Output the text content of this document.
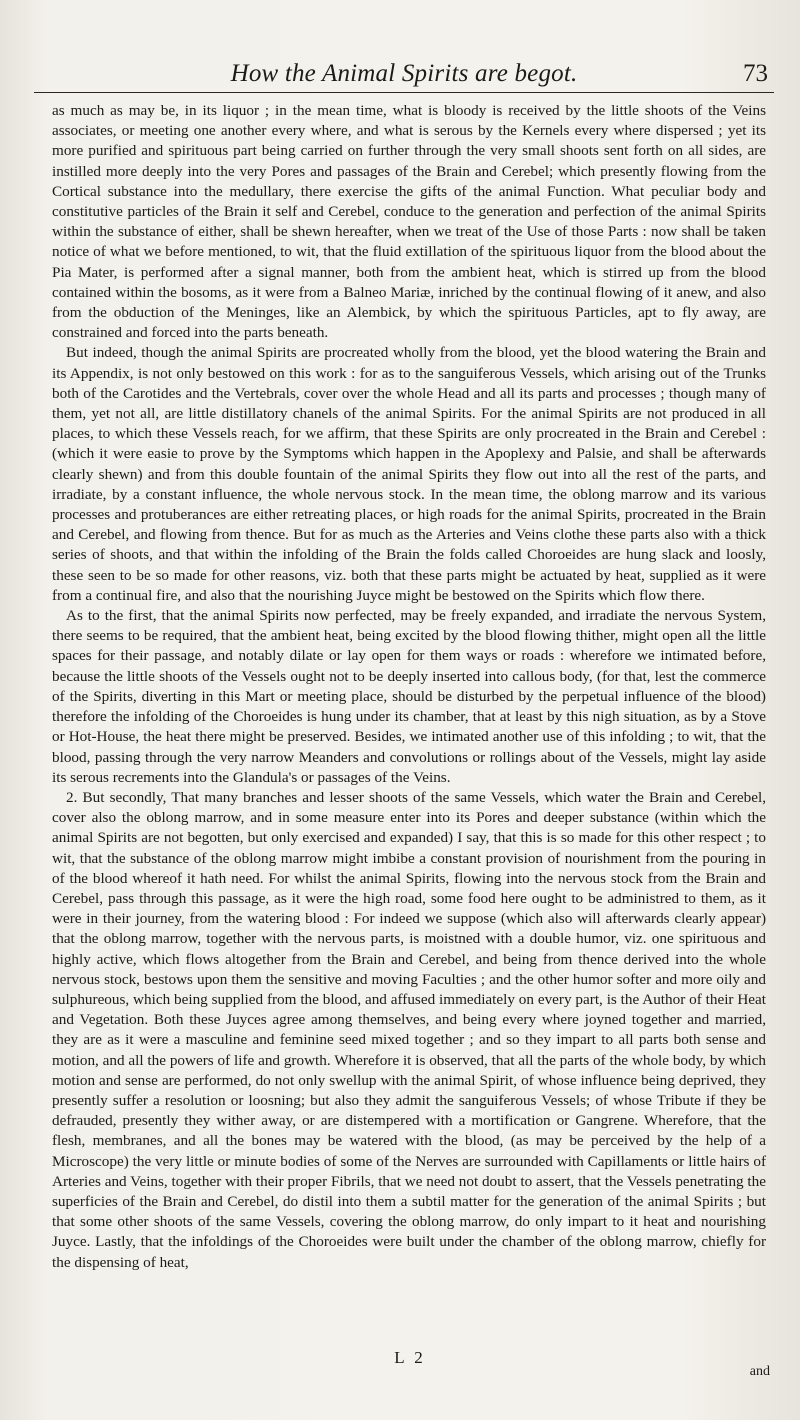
How the Animal Spirits are begot.	73

as much as may be, in its liquor ; in the mean time, what is bloody is received by the little shoots of the Veins associates, or meeting one another every where, and what is serous by the Kernels every where dispersed ; yet its more purified and spirituous part being carried on further through the very small shoots sent forth on all sides, are instilled more deeply into the very Pores and passages of the Brain and Cerebel; which presently flowing from the Cortical substance into the medullary, there exercise the gifts of the animal Function. What peculiar body and constitutive particles of the Brain it self and Cerebel, conduce to the generation and perfection of the animal Spirits within the substance of either, shall be shewn hereafter, when we treat of the Use of those Parts : now shall be taken notice of what we before mentioned, to wit, that the fluid extillation of the spirituous liquor from the blood about the Pia Mater, is performed after a signal manner, both from the ambient heat, which is stirred up from the blood contained within the bosoms, as it were from a Balneo Mariæ, inriched by the continual flowing of it anew, and also from the obduction of the Meninges, like an Alembick, by which the spirituous Particles, apt to fly away, are constrained and forced into the parts beneath.

But indeed, though the animal Spirits are procreated wholly from the blood, yet the blood watering the Brain and its Appendix, is not only bestowed on this work : for as to the sanguiferous Vessels, which arising out of the Trunks both of the Carotides and the Vertebrals, cover over the whole Head and all its parts and processes ; though many of them, yet not all, are little distillatory chanels of the animal Spirits. For the animal Spirits are not produced in all places, to which these Vessels reach, for we affirm, that these Spirits are only procreated in the Brain and Cerebel : (which it were easie to prove by the Symptoms which happen in the Apoplexy and Palsie, and shall be afterwards clearly shewn) and from this double fountain of the animal Spirits they flow out into all the rest of the parts, and irradiate, by a constant influence, the whole nervous stock. In the mean time, the oblong marrow and its various processes and protuberances are either retreating places, or high roads for the animal Spirits, procreated in the Brain and Cerebel, and flowing from thence. But for as much as the Arteries and Veins clothe these parts also with a thick series of shoots, and that within the infolding of the Brain the folds called Choroeides are hung slack and loosly, these seen to be so made for other reasons, viz. both that these parts might be actuated by heat, supplied as it were from a continual fire, and also that the nourishing Juyce might be bestowed on the Spirits which flow there.

As to the first, that the animal Spirits now perfected, may be freely expanded, and irradiate the nervous System, there seems to be required, that the ambient heat, being excited by the blood flowing thither, might open all the little spaces for their passage, and notably dilate or lay open for them ways or roads : wherefore we intimated before, because the little shoots of the Vessels ought not to be deeply inserted into callous body, (for that, lest the commerce of the Spirits, diverting in this Mart or meeting place, should be disturbed by the perpetual influence of the blood) therefore the infolding of the Choroeides is hung under its chamber, that at least by this nigh situation, as by a Stove or Hot-House, the heat there might be preserved. Besides, we intimated another use of this infolding ; to wit, that the blood, passing through the very narrow Meanders and convolutions or rollings about of the Vessels, might lay aside its serous recrements into the Glandula's or passages of the Veins.

2. But secondly, That many branches and lesser shoots of the same Vessels, which water the Brain and Cerebel, cover also the oblong marrow, and in some measure enter into its Pores and deeper substance (within which the animal Spirits are not begotten, but only exercised and expanded) I say, that this is so made for this other respect ; to wit, that the substance of the oblong marrow might imbibe a constant provision of nourishment from the pouring in of the blood whereof it hath need. For whilst the animal Spirits, flowing into the nervous stock from the Brain and Cerebel, pass through this passage, as it were the high road, some food here ought to be administred to them, as it were in their journey, from the watering blood : For indeed we suppose (which also will afterwards clearly appear) that the oblong marrow, together with the nervous parts, is moistned with a double humor, viz. one spirituous and highly active, which flows altogether from the Brain and Cerebel, and being from thence derived into the whole nervous stock, bestows upon them the sensitive and moving Faculties ; and the other humor softer and more oily and sulphureous, which being supplied from the blood, and affused immediately on every part, is the Author of their Heat and Vegetation. Both these Juyces agree among themselves, and being every where joyned together and married, they are as it were a masculine and feminine seed mixed together ; and so they impart to all parts both sense and motion, and all the powers of life and growth. Wherefore it is observed, that all the parts of the whole body, by which motion and sense are performed, do not only swellup with the animal Spirit, of whose influence being deprived, they presently suffer a resolution or loosning; but also they admit the sanguiferous Vessels; of whose Tribute if they be defrauded, presently they wither away, or are distempered with a mortification or Gangrene. Wherefore, that the flesh, membranes, and all the bones may be watered with the blood, (as may be perceived by the help of a Microscope) the very little or minute bodies of some of the Nerves are surrounded with Capillaments or little hairs of Arteries and Veins, together with their proper Fibrils, that we need not doubt to assert, that the Vessels penetrating the superficies of the Brain and Cerebel, do distil into them a subtil matter for the generation of the animal Spirits ; but that some other shoots of the same Vessels, covering the oblong marrow, do only impart to it heat and nourishing Juyce. Lastly, that the infoldings of the Choroeides were built under the chamber of the oblong marrow, chiefly for the dispensing of heat,

L 2
and
